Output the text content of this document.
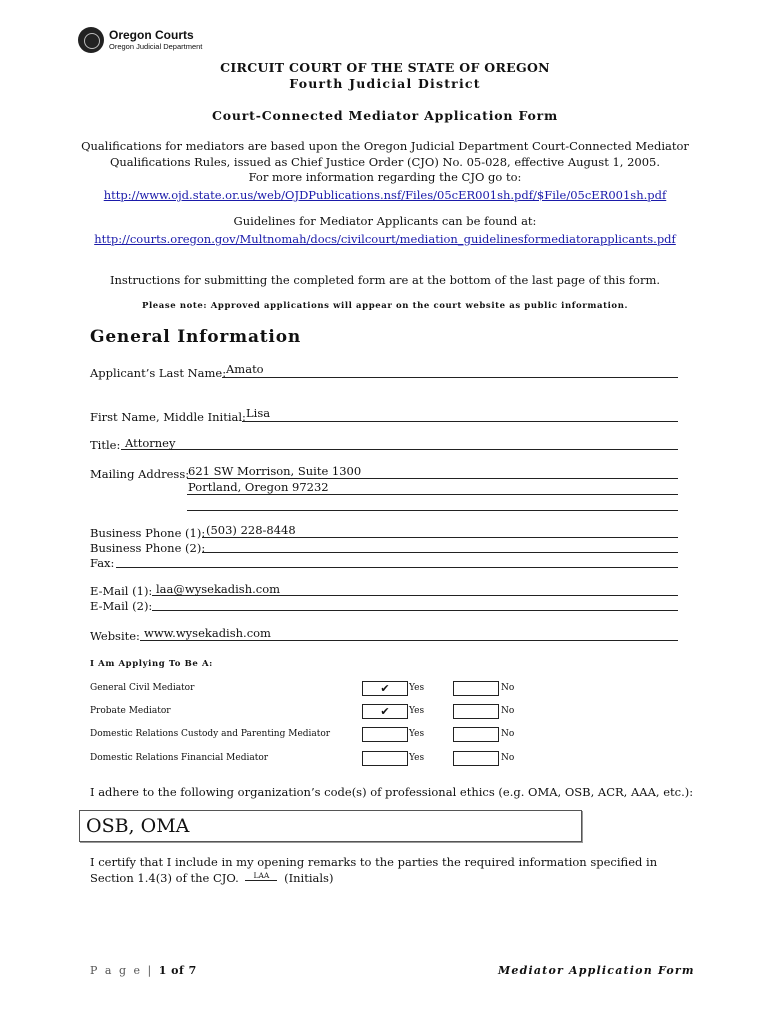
Oregon Courts
Oregon Judicial Department
CIRCUIT COURT OF THE STATE OF OREGON
Fourth Judicial District
Court-Connected Mediator Application Form
Qualifications for mediators are based upon the Oregon Judicial Department Court-Connected Mediator
Qualifications Rules, issued as Chief Justice Order (CJO) No. 05-028, effective August 1, 2005.
For more information regarding the CJO go to:
http://www.ojd.state.or.us/web/OJDPublications.nsf/Files/05cER001sh.pdf/$File/05cER001sh.pdf
Guidelines for Mediator Applicants can be found at:
http://courts.oregon.gov/Multnomah/docs/civilcourt/mediation_guidelinesformediatorapplicants.pdf
Instructions for submitting the completed form are at the bottom of the last page of this form.
Please note: Approved applications will appear on the court website as public information.
General Information
Applicant’s Last Name: Amato
First Name, Middle Initial: Lisa
Title: Attorney
Mailing Address:
621 SW Morrison, Suite 1300
Portland, Oregon 97232
Business Phone (1): (503) 228-8448
Business Phone (2):
Fax:
E-Mail (1): laa@wysekadish.com
E-Mail (2):
Website: www.wysekadish.com
I Am Applying To Be A:
General Civil Mediator	✔	Yes	No
Probate Mediator	✔	Yes	No
Domestic Relations Custody and Parenting Mediator	Yes	No
Domestic Relations Financial Mediator	Yes	No
I adhere to the following organization’s code(s) of professional ethics (e.g. OMA, OSB, ACR, AAA, etc.):
OSB, OMA
I certify that I include in my opening remarks to the parties the required information specified in
Section 1.4(3) of the CJO. LAA (Initials)
P a g e | 1 of 7	Mediator Application Form
